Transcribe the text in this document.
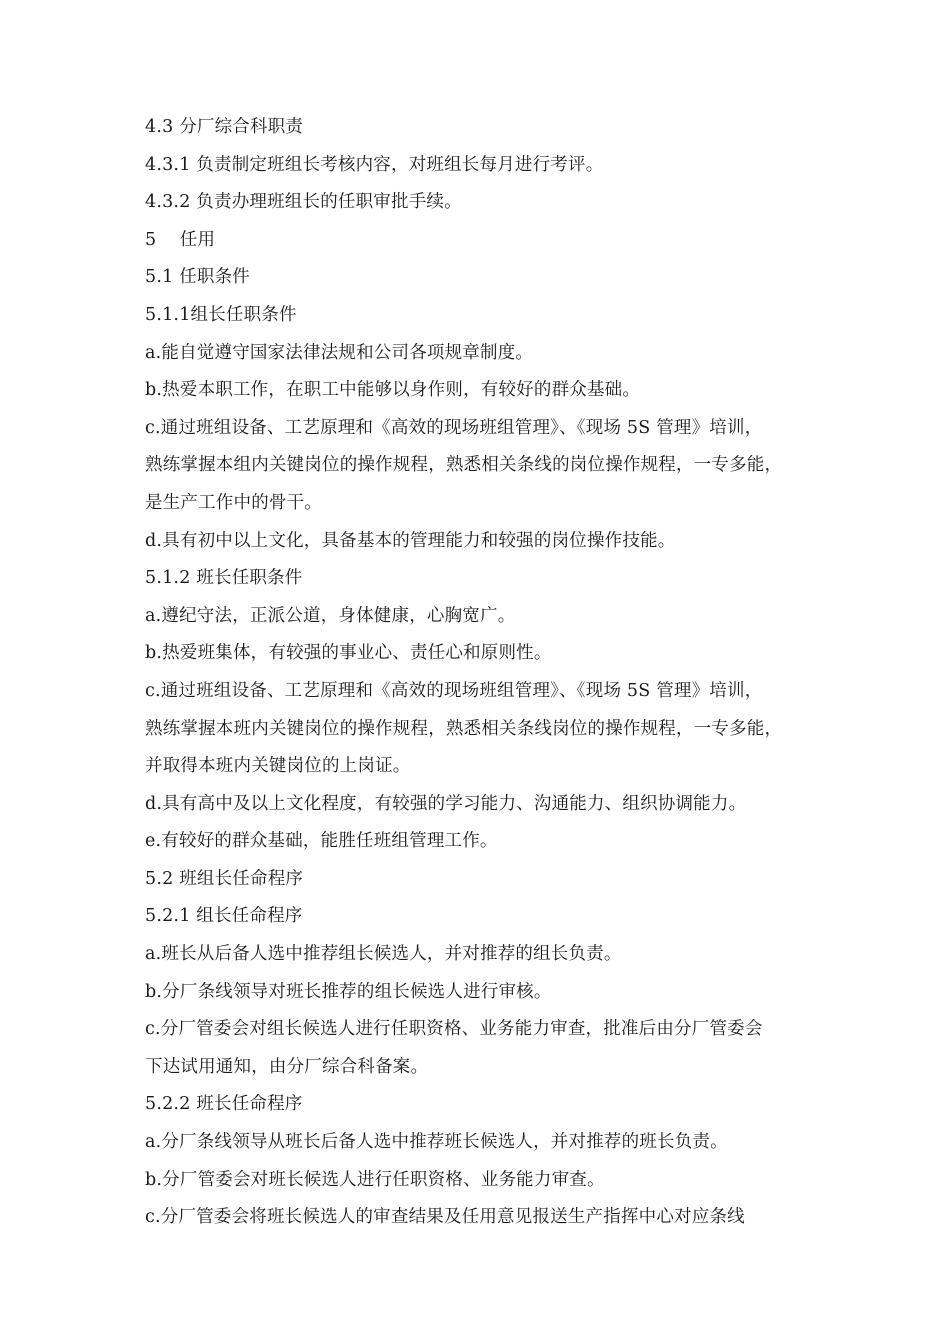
4.3 分厂综合科职责
4.3.1 负责制定班组长考核内容，对班组长每月进行考评。
4.3.2 负责办理班组长的任职审批手续。
5　 任用
5.1 任职条件
5.1.1组长任职条件
a.能自觉遵守国家法律法规和公司各项规章制度。
b.热爱本职工作，在职工中能够以身作则，有较好的群众基础。
c.通过班组设备、工艺原理和《高效的现场班组管理》、《现场 5S 管理》培训，
熟练掌握本组内关键岗位的操作规程，熟悉相关条线的岗位操作规程，一专多能，
是生产工作中的骨干。
d.具有初中以上文化，具备基本的管理能力和较强的岗位操作技能。
5.1.2 班长任职条件
a.遵纪守法，正派公道，身体健康，心胸宽广。
b.热爱班集体，有较强的事业心、责任心和原则性。
c.通过班组设备、工艺原理和《高效的现场班组管理》、《现场 5S 管理》培训，
熟练掌握本班内关键岗位的操作规程，熟悉相关条线岗位的操作规程，一专多能，
并取得本班内关键岗位的上岗证。
d.具有高中及以上文化程度，有较强的学习能力、沟通能力、组织协调能力。
e.有较好的群众基础，能胜任班组管理工作。
5.2 班组长任命程序
5.2.1 组长任命程序
a.班长从后备人选中推荐组长候选人，并对推荐的组长负责。
b.分厂条线领导对班长推荐的组长候选人进行审核。
c.分厂管委会对组长候选人进行任职资格、业务能力审查，批准后由分厂管委会
下达试用通知，由分厂综合科备案。
5.2.2 班长任命程序
a.分厂条线领导从班长后备人选中推荐班长候选人，并对推荐的班长负责。
b.分厂管委会对班长候选人进行任职资格、业务能力审查。
c.分厂管委会将班长候选人的审查结果及任用意见报送生产指挥中心对应条线
